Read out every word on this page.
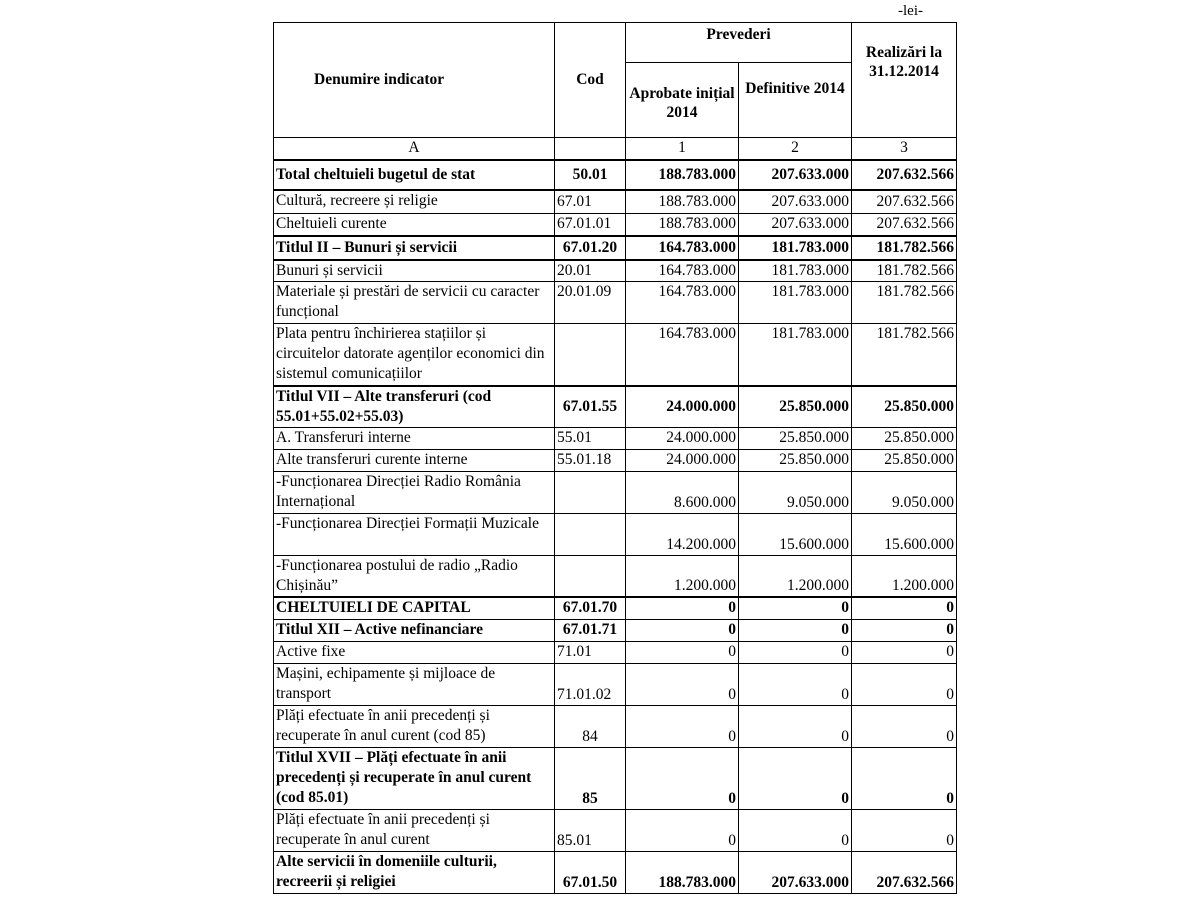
-lei-
Denumire indicator	Cod	Prevederi		Realizări la 31.12.2014
		Aprobate inițial 2014	Definitive 2014	
A		1	2	3
Total cheltuieli bugetul de stat	50.01	188.783.000	207.633.000	207.632.566
Cultură, recreere și religie	67.01	188.783.000	207.633.000	207.632.566
Cheltuieli curente	67.01.01	188.783.000	207.633.000	207.632.566
Titlul II – Bunuri și servicii	67.01.20	164.783.000	181.783.000	181.782.566
Bunuri și servicii	20.01	164.783.000	181.783.000	181.782.566
Materiale și prestări de servicii cu caracter funcțional	20.01.09	164.783.000	181.783.000	181.782.566
Plata pentru închirierea stațiilor și circuitelor datorate agenților economici din sistemul comunicațiilor		164.783.000	181.783.000	181.782.566
Titlul VII – Alte transferuri (cod 55.01+55.02+55.03)	67.01.55	24.000.000	25.850.000	25.850.000
A. Transferuri interne	55.01	24.000.000	25.850.000	25.850.000
Alte transferuri curente interne	55.01.18	24.000.000	25.850.000	25.850.000
-Funcționarea Direcției Radio România Internațional		8.600.000	9.050.000	9.050.000
-Funcționarea Direcției Formații Muzicale		14.200.000	15.600.000	15.600.000
-Funcționarea postului de radio „Radio Chișinău”		1.200.000	1.200.000	1.200.000
CHELTUIELI DE CAPITAL	67.01.70	0	0	0
Titlul XII – Active nefinanciare	67.01.71	0	0	0
Active fixe	71.01	0	0	0
Mașini, echipamente și mijloace de transport	71.01.02	0	0	0
Plăți efectuate în anii precedenți și recuperate în anul curent (cod 85)	84	0	0	0
Titlul XVII – Plăți efectuate în anii precedenți și recuperate în anul curent (cod 85.01)	85	0	0	0
Plăți efectuate în anii precedenți și recuperate în anul curent	85.01	0	0	0
Alte servicii în domeniile culturii, recreerii și religiei	67.01.50	188.783.000	207.633.000	207.632.566
